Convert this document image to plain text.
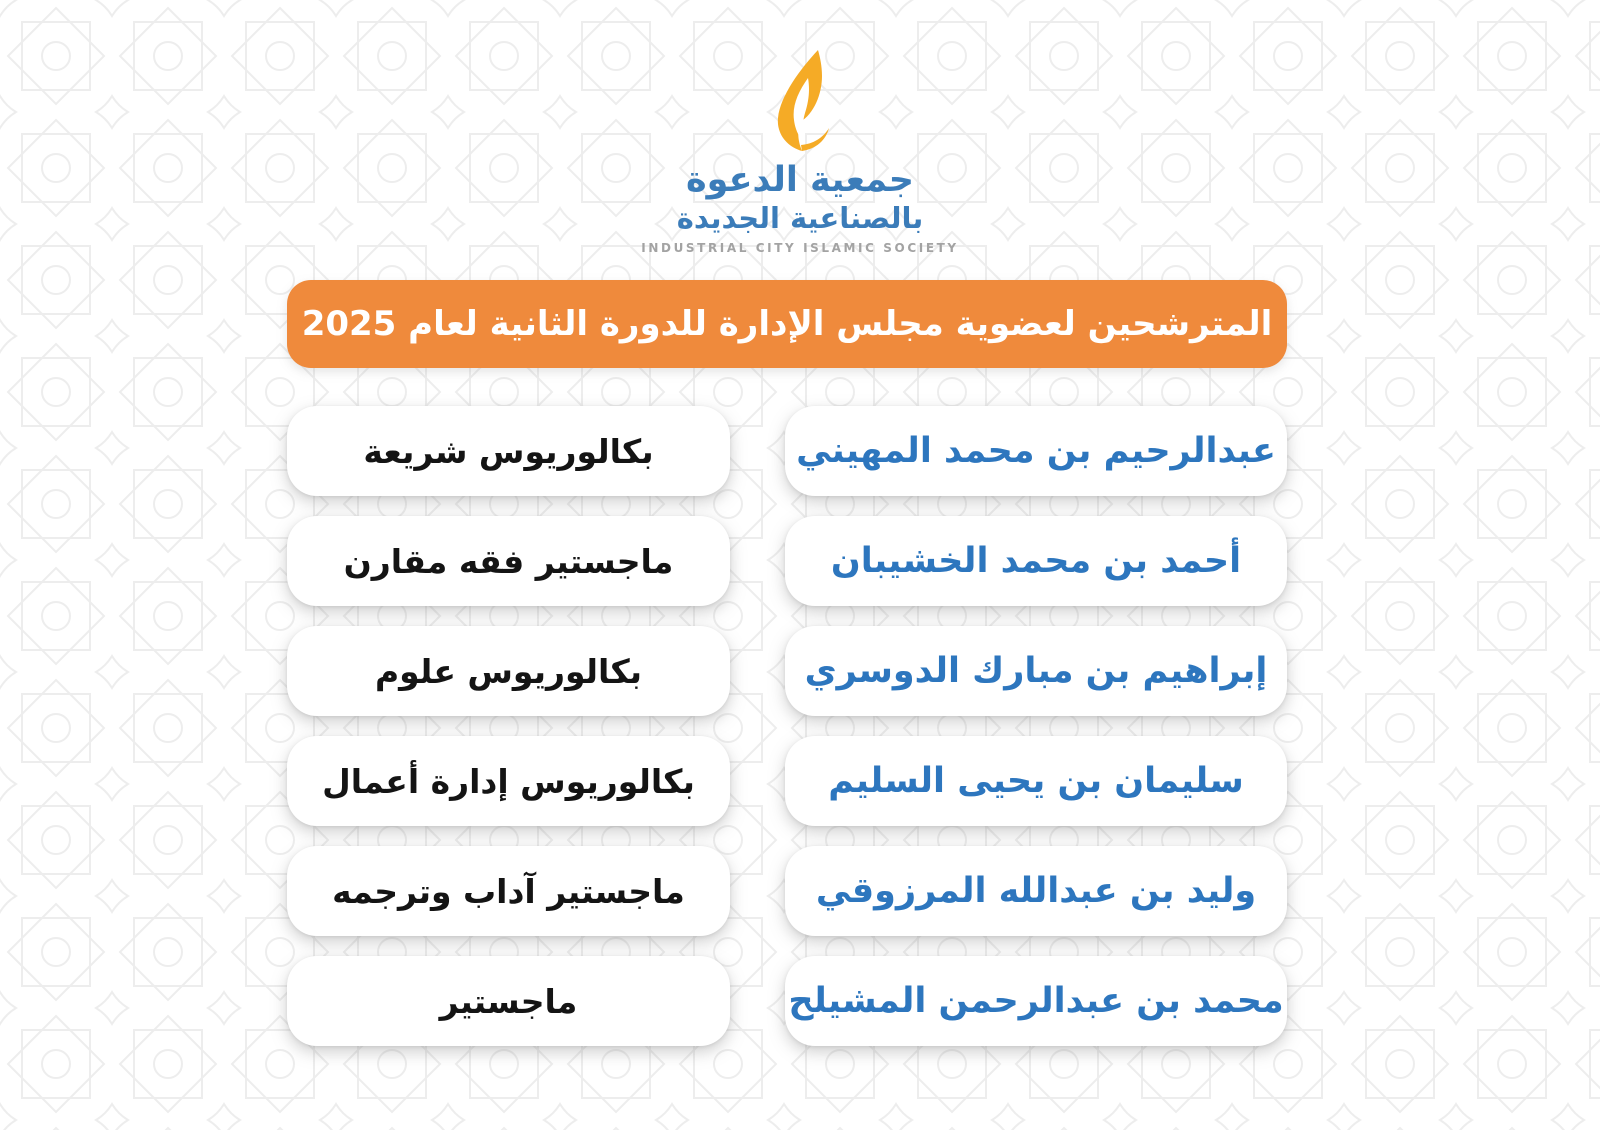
جمعية الدعوة
بالصناعية الجديدة
INDUSTRIAL CITY ISLAMIC SOCIETY
المترشحين لعضوية مجلس الإدارة للدورة الثانية لعام 2025
بكالوريوس شريعة	عبدالرحيم بن محمد المهيني
ماجستير فقه مقارن	أحمد بن محمد الخشيبان
بكالوريوس علوم	إبراهيم بن مبارك الدوسري
بكالوريوس إدارة أعمال	سليمان بن يحيى السليم
ماجستير آداب وترجمه	وليد بن عبدالله المرزوقي
ماجستير	محمد بن عبدالرحمن المشيلح
